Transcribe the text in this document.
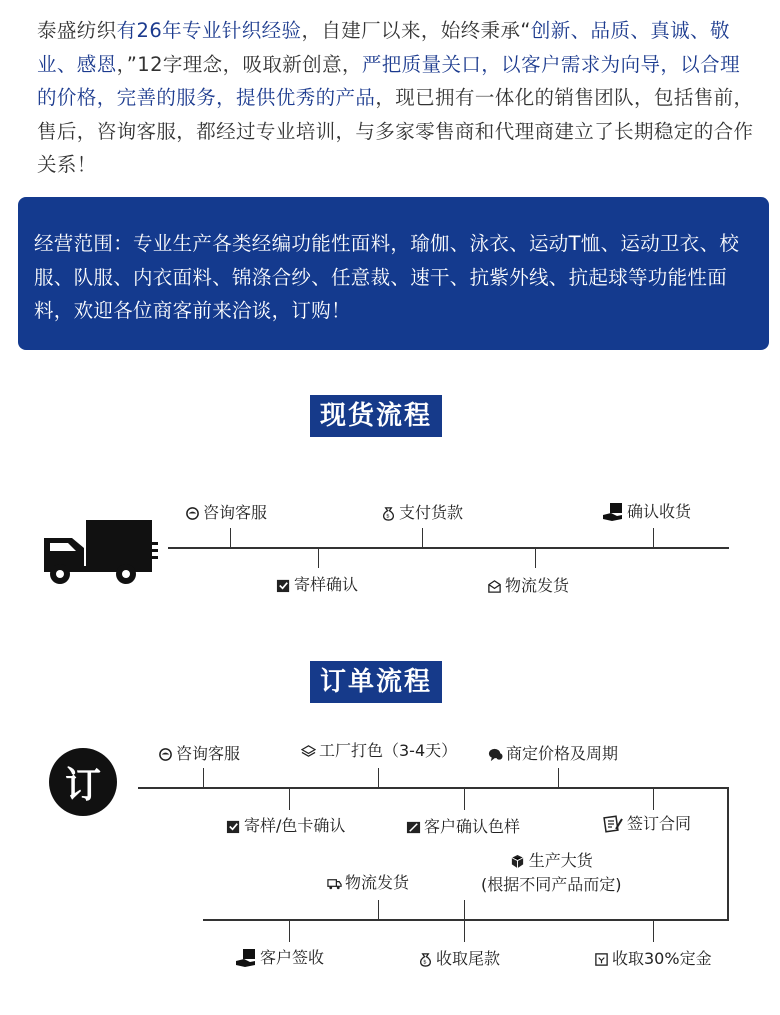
泰盛纺织有26年专业针织经验，自建厂以来，始终秉承“创新、品质、真诚、敬业、感恩，”12字理念，吸取新创意，严把质量关口，以客户需求为向导，以合理的价格，完善的服务，提供优秀的产品，现已拥有一体化的销售团队，包括售前，售后，咨询客服，都经过专业培训，与多家零售商和代理商建立了长期稳定的合作关系！

经营范围：专业生产各类经编功能性面料，瑜伽、泳衣、运动T恤、运动卫衣、校服、队服、内衣面料、锦涤合纱、任意裁、速干、抗紫外线、抗起球等功能性面料，欢迎各位商客前来洽谈，订购！
现货流程
咨询客服	$ 支付货款	确认收货
寄样确认	物流发货
订单流程
订
咨询客服	工厂打色（3-4天）	商定价格及周期
寄样/色卡确认	客户确认色样	签订合同
物流发货
生产大货
(根据不同产品而定)
客户签收	$ 收取尾款	收取30%定金
